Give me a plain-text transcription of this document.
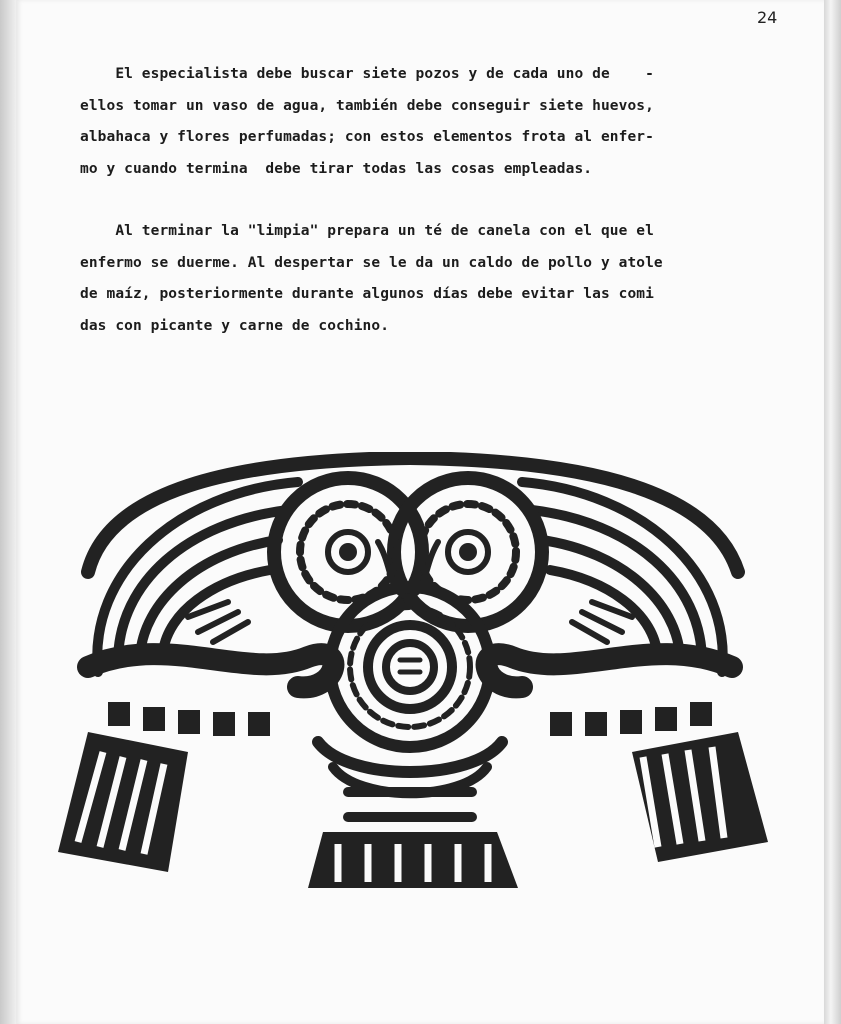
24
El especialista debe buscar siete pozos y de cada uno de    -
ellos tomar un vaso de agua, también debe conseguir siete huevos,
albahaca y flores perfumadas; con estos elementos frota al enfer-
mo y cuando termina  debe tirar todas las cosas empleadas.
Al terminar la "limpia" prepara un té de canela con el que el
enfermo se duerme. Al despertar se le da un caldo de pollo y atole
de maíz, posteriormente durante algunos días debe evitar las comi
das con picante y carne de cochino.
